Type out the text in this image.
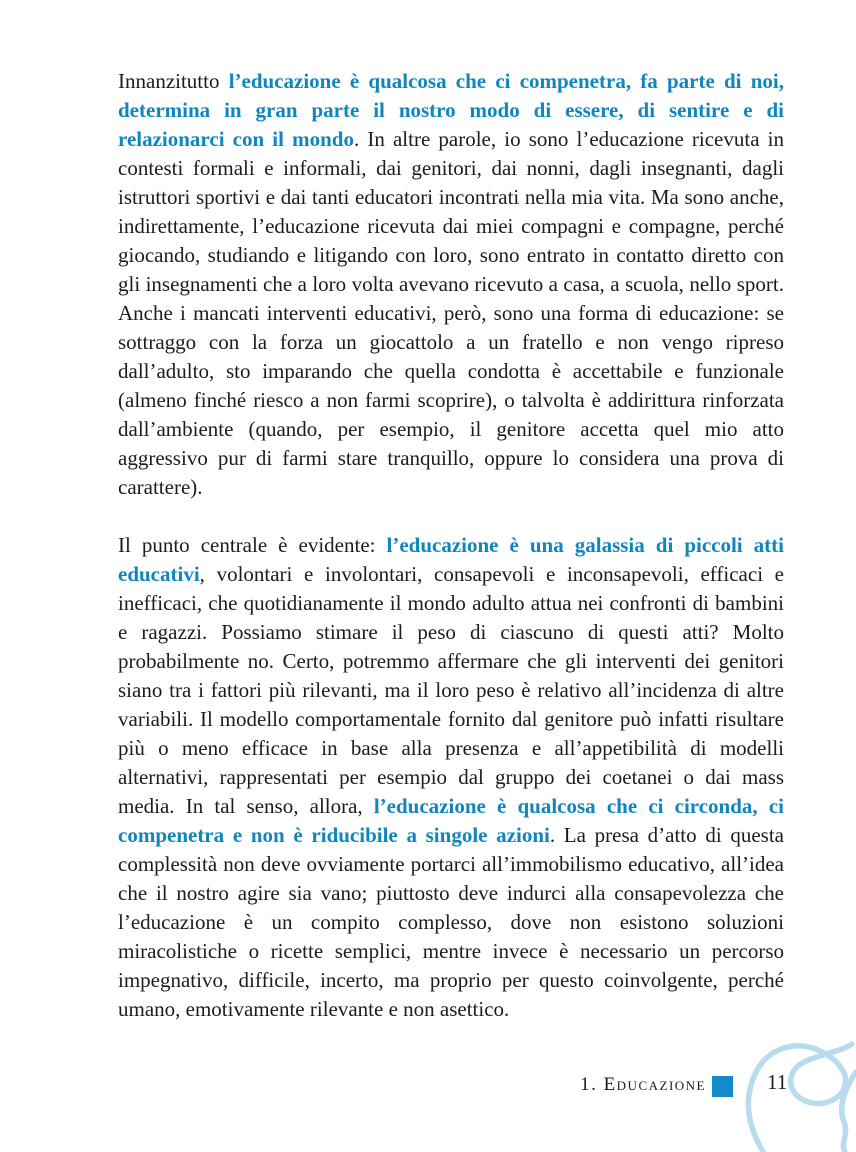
Innanzitutto l’educazione è qualcosa che ci compenetra, fa parte di noi, determina in gran parte il nostro modo di essere, di sentire e di relazionarci con il mondo. In altre parole, io sono l’educazione ricevuta in contesti formali e informali, dai genitori, dai nonni, dagli insegnanti, dagli istruttori sportivi e dai tanti educatori incontrati nella mia vita. Ma sono anche, indirettamente, l’educazione ricevuta dai miei compagni e compagne, perché giocando, studiando e litigando con loro, sono entrato in contatto diretto con gli insegnamenti che a loro volta avevano ricevuto a casa, a scuola, nello sport. Anche i mancati interventi educativi, però, sono una forma di educazione: se sottraggo con la forza un giocattolo a un fratello e non vengo ripreso dall’adulto, sto imparando che quella condotta è accettabile e funzionale (almeno finché riesco a non farmi scoprire), o talvolta è addirittura rinforzata dall’ambiente (quando, per esempio, il genitore accetta quel mio atto aggressivo pur di farmi stare tranquillo, oppure lo considera una prova di carattere).

Il punto centrale è evidente: l’educazione è una galassia di piccoli atti educativi, volontari e involontari, consapevoli e inconsapevoli, efficaci e inefficaci, che quotidianamente il mondo adulto attua nei confronti di bambini e ragazzi. Possiamo stimare il peso di ciascuno di questi atti? Molto probabilmente no. Certo, potremmo affermare che gli interventi dei genitori siano tra i fattori più rilevanti, ma il loro peso è relativo all’incidenza di altre variabili. Il modello comportamentale fornito dal genitore può infatti risultare più o meno efficace in base alla presenza e all’appetibilità di modelli alternativi, rappresentati per esempio dal gruppo dei coetanei o dai mass media. In tal senso, allora, l’educazione è qualcosa che ci circonda, ci compenetra e non è riducibile a singole azioni. La presa d’atto di questa complessità non deve ovviamente portarci all’immobilismo educativo, all’idea che il nostro agire sia vano; piuttosto deve indurci alla consapevolezza che l’educazione è un compito complesso, dove non esistono soluzioni miracolistiche o ricette semplici, mentre invece è necessario un percorso impegnativo, difficile, incerto, ma proprio per questo coinvolgente, perché umano, emotivamente rilevante e non asettico.

1. Educazione	11
